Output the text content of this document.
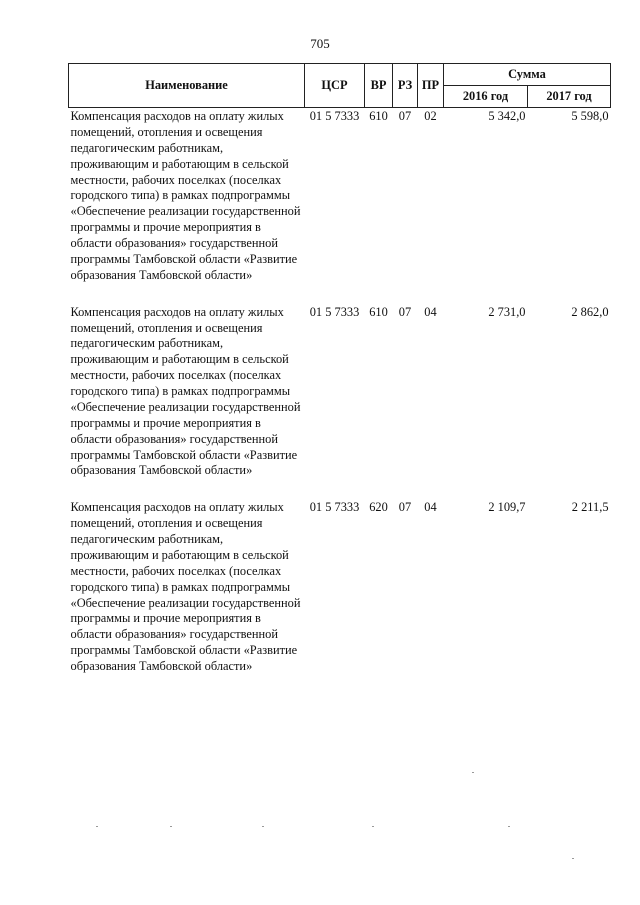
705
Наименование	ЦСР	ВР	РЗ	ПР	Сумма	
					2016 год	2017 год
Компенсация расходов на оплату жилых помещений, отопления и освещения педагогическим работникам, проживающим и работающим в сельской местности, рабочих поселках (поселках городского типа) в рамках подпрограммы «Обеспечение реализации государственной программы и прочие мероприятия в области образования» государственной программы Тамбовской области «Развитие образования Тамбовской области»	01 5 7333	610	07	02	5 342,0	5 598,0
Компенсация расходов на оплату жилых помещений, отопления и освещения педагогическим работникам, проживающим и работающим в сельской местности, рабочих поселках (поселках городского типа) в рамках подпрограммы «Обеспечение реализации государственной программы и прочие мероприятия в области образования» государственной программы Тамбовской области «Развитие образования Тамбовской области»	01 5 7333	610	07	04	2 731,0	2 862,0
Компенсация расходов на оплату жилых помещений, отопления и освещения педагогическим работникам, проживающим и работающим в сельской местности, рабочих поселках (поселках городского типа) в рамках подпрограммы «Обеспечение реализации государственной программы и прочие мероприятия в области образования» государственной программы Тамбовской области «Развитие образования Тамбовской области»	01 5 7333	620	07	04	2 109,7	2 211,5
